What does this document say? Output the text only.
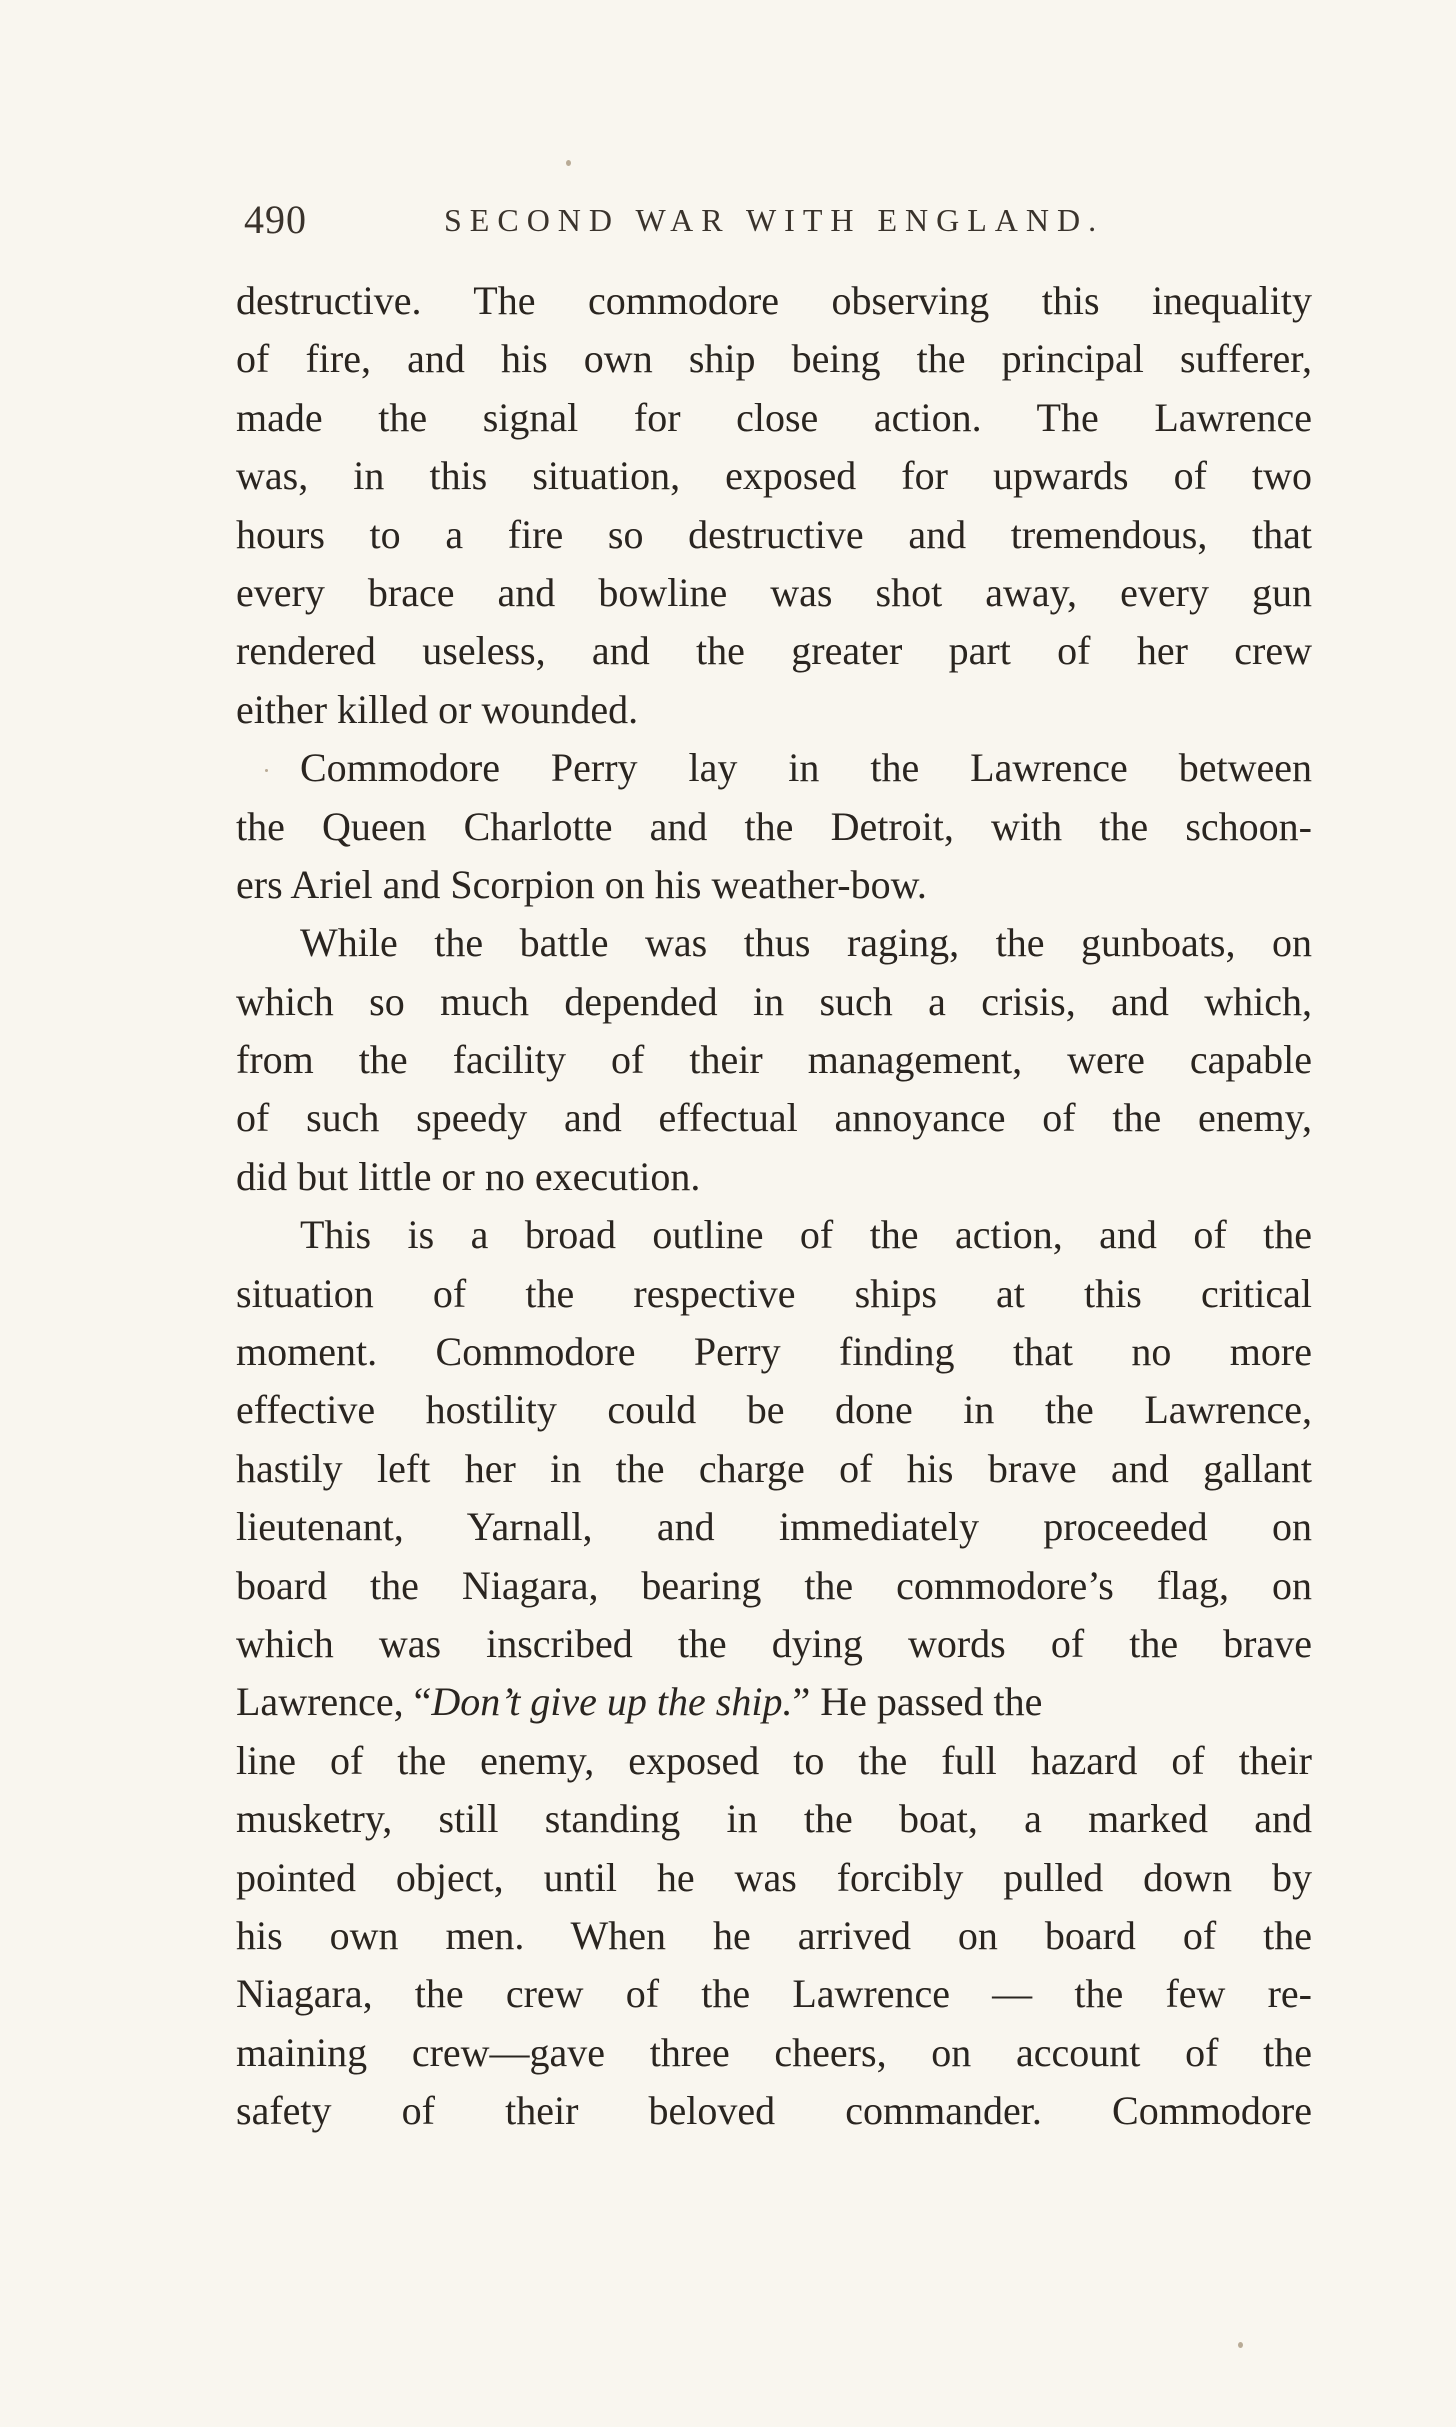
490	SECOND WAR WITH ENGLAND.
destructive. The commodore observing this inequality
of fire, and his own ship being the principal sufferer,
made the signal for close action. The Lawrence
was, in this situation, exposed for upwards of two
hours to a fire so destructive and tremendous, that
every brace and bowline was shot away, every gun
rendered useless, and the greater part of her crew
either killed or wounded.
Commodore Perry lay in the Lawrence between
the Queen Charlotte and the Detroit, with the schoon-
ers Ariel and Scorpion on his weather-bow.
While the battle was thus raging, the gunboats, on
which so much depended in such a crisis, and which,
from the facility of their management, were capable
of such speedy and effectual annoyance of the enemy,
did but little or no execution.
This is a broad outline of the action, and of the
situation of the respective ships at this critical
moment. Commodore Perry finding that no more
effective hostility could be done in the Lawrence,
hastily left her in the charge of his brave and gallant
lieutenant, Yarnall, and immediately proceeded on
board the Niagara, bearing the commodore’s flag, on
which was inscribed the dying words of the brave
Lawrence, “Don’t give up the ship.” He passed the
line of the enemy, exposed to the full hazard of their
musketry, still standing in the boat, a marked and
pointed object, until he was forcibly pulled down by
his own men. When he arrived on board of the
Niagara, the crew of the Lawrence — the few re-
maining crew—gave three cheers, on account of the
safety of their beloved commander. Commodore
